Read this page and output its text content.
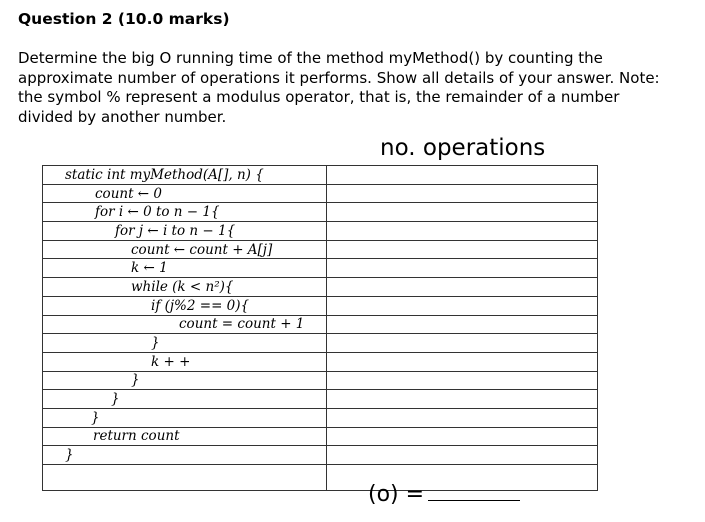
Question 2 (10.0 marks)
Determine the big O running time of the method myMethod() by counting the approximate number of operations it performs. Show all details of your answer. Note: the symbol % represent a modulus operator, that is, the remainder of a number divided by another number.
no. operations
static int myMethod(A[], n) {	
count ← 0	
for i ← 0 to n − 1{	
for j ← i to n − 1{	
count ← count + A[j]	
k ← 1	
while (k < n²){	
if (j%2 == 0){	
count = count + 1	
}	
k + +	
}	
}	
}	
return count	
}	

(o) =
